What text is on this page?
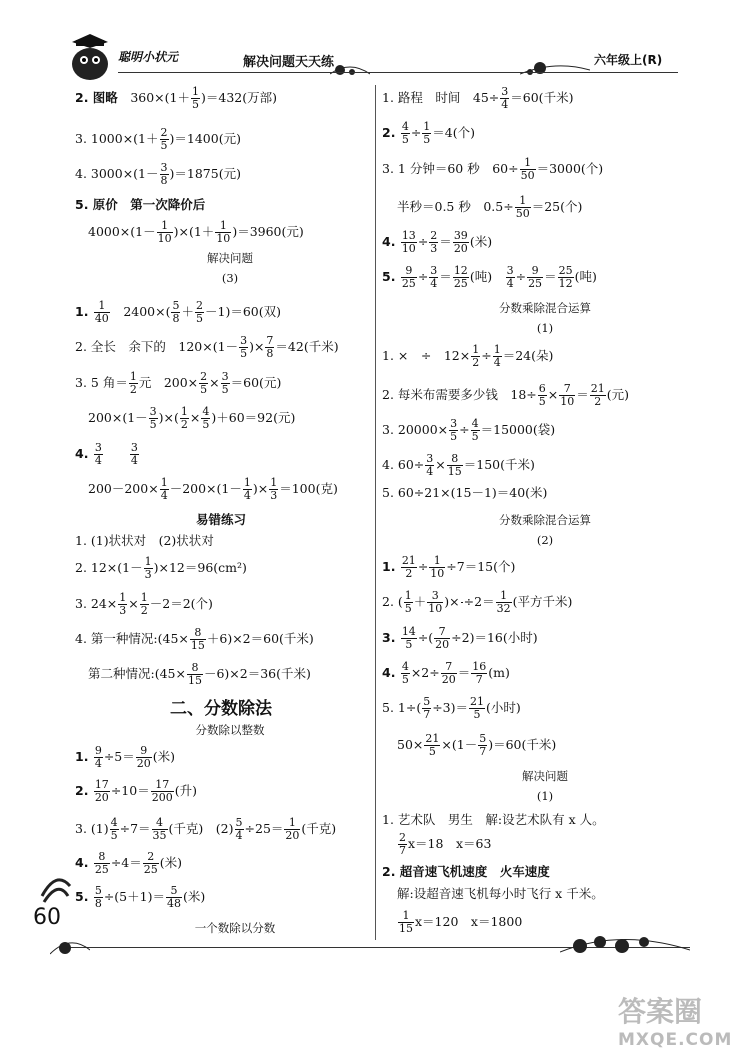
聪明小状元	解决问题天天练	六年级上(R)
2. 图略　 $360\times(1+ \frac{1}{5} )=432$(万部)
3. $1000\times(1+ \frac{2}{5} )=1400$(元)
4. $3000\times(1- \frac{3}{8} )=1875$(元)
5. 原价　第一次降价后
$4000\times(1- \frac{1}{10} )\times(1+ \frac{1}{10} )=3960$(元)
解决问题
(3)
1. $\frac{1}{40}$ 　$2400\times( \frac{5}{8} + \frac{2}{5} -1)=60$(双)
2. 全长　余下的　$120\times(1- \frac{3}{5}$ )× $\frac{7}{8} =42$(千米)
3. 5 角＝ $\frac{1}{2}$ 元　$200\times \frac{2}{5} \times \frac{3}{5} =60$(元)
$200\times(1- \frac{3}{5}$ )×( $\frac{1}{2} \times \frac{4}{5} )+60=92$(元)
4. $\frac{3}{4}$
　　 $\frac{3}{4}$
$200-200\times \frac{1}{4} -200\times(1- \frac{1}{4}$ )× $\frac{1}{3} =100$(克)
易错练习
1. (1)状状对　(2)状状对
2. $12\times(1- \frac{1}{3} )\times 12=96(cm^2)$
3. $24\times \frac{1}{3} \times \frac{1}{2} -2=2$(个)
4. 第一种情况:(45× $\frac{8}{15} +6)\times 2=60$(千米)
第二种情况:(45× $\frac{8}{15} -6)\times 2=36$(千米)
二、分数除法
分数除以整数
1. $\frac{9}{4} \div 5= \frac{9}{20}$ (米)
2. $\frac{17}{20} \div 10= \frac{17}{200}$ (升)
3. $(1) \frac{4}{5} \div 7= \frac{4}{35}$ (千克)　$(2) \frac{5}{4} \div 25= \frac{1}{20}$ (千克)
4. $\frac{8}{25} \div 4= \frac{2}{25}$ (米)
5. $\frac{5}{8} \div(5+1)= \frac{5}{48}$ (米)
一个数除以分数
1. 路程　时间　$45\div \frac{3}{4} =60$(千米)
2. $\frac{4}{5} \div \frac{1}{5} =4$(个)
3. 1 分钟＝60 秒　$60\div \frac{1}{50} =3000$(个)
半秒＝0.5 秒　$0.5\div \frac{1}{50} =25$(个)
4. $\frac{13}{10} \div \frac{2}{3} = \frac{39}{20}$ (米)
5. $\frac{9}{25} \div \frac{3}{4} = \frac{12}{25}$ (吨)　 $\frac{3}{4} \div \frac{9}{25} = \frac{25}{12}$ (吨)
分数乘除混合运算
(1)
1. ×　÷　$12\times \frac{1}{2} \div \frac{1}{4} =24$(朵)
2. 每米布需要多少钱　$18\div \frac{6}{5} \times \frac{7}{10} = \frac{21}{2}$ (元)
3. $20000\times \frac{3}{5} \div \frac{4}{5} =15000$(袋)
4. $60\div \frac{3}{4} \times \frac{8}{15} =150$(千米)
5. 60÷21×(15－1)＝40(米)
分数乘除混合运算
(2)
1. $\frac{21}{2} \div \frac{1}{10} \div 7=15$(个)
2. ( $\frac{1}{5} + \frac{3}{10}$ )× $\div 2= \frac{1}{32}$ (平方千米)
3. $\frac{14}{5}$ ÷( $\frac{7}{20} \div 2)=16$(小时)
4. $\frac{4}{5} \times 2\div \frac{7}{20} = \frac{16}{7} (m)$
5. $1\div( \frac{5}{7} \div 3)= \frac{21}{5}$ (小时)
$50\times \frac{21}{5} \times(1- \frac{5}{7} )=60$(千米)
解决问题
(1)
1. 艺术队　男生　解:设艺术队有 x 人。
$\frac{2}{7} x=18$　x＝63
2. 超音速飞机速度　火车速度
解:设超音速飞机每小时飞行 x 千米。
$\frac{1}{15} x=120$　x＝1800
60
答案圈
MXQE.COM
